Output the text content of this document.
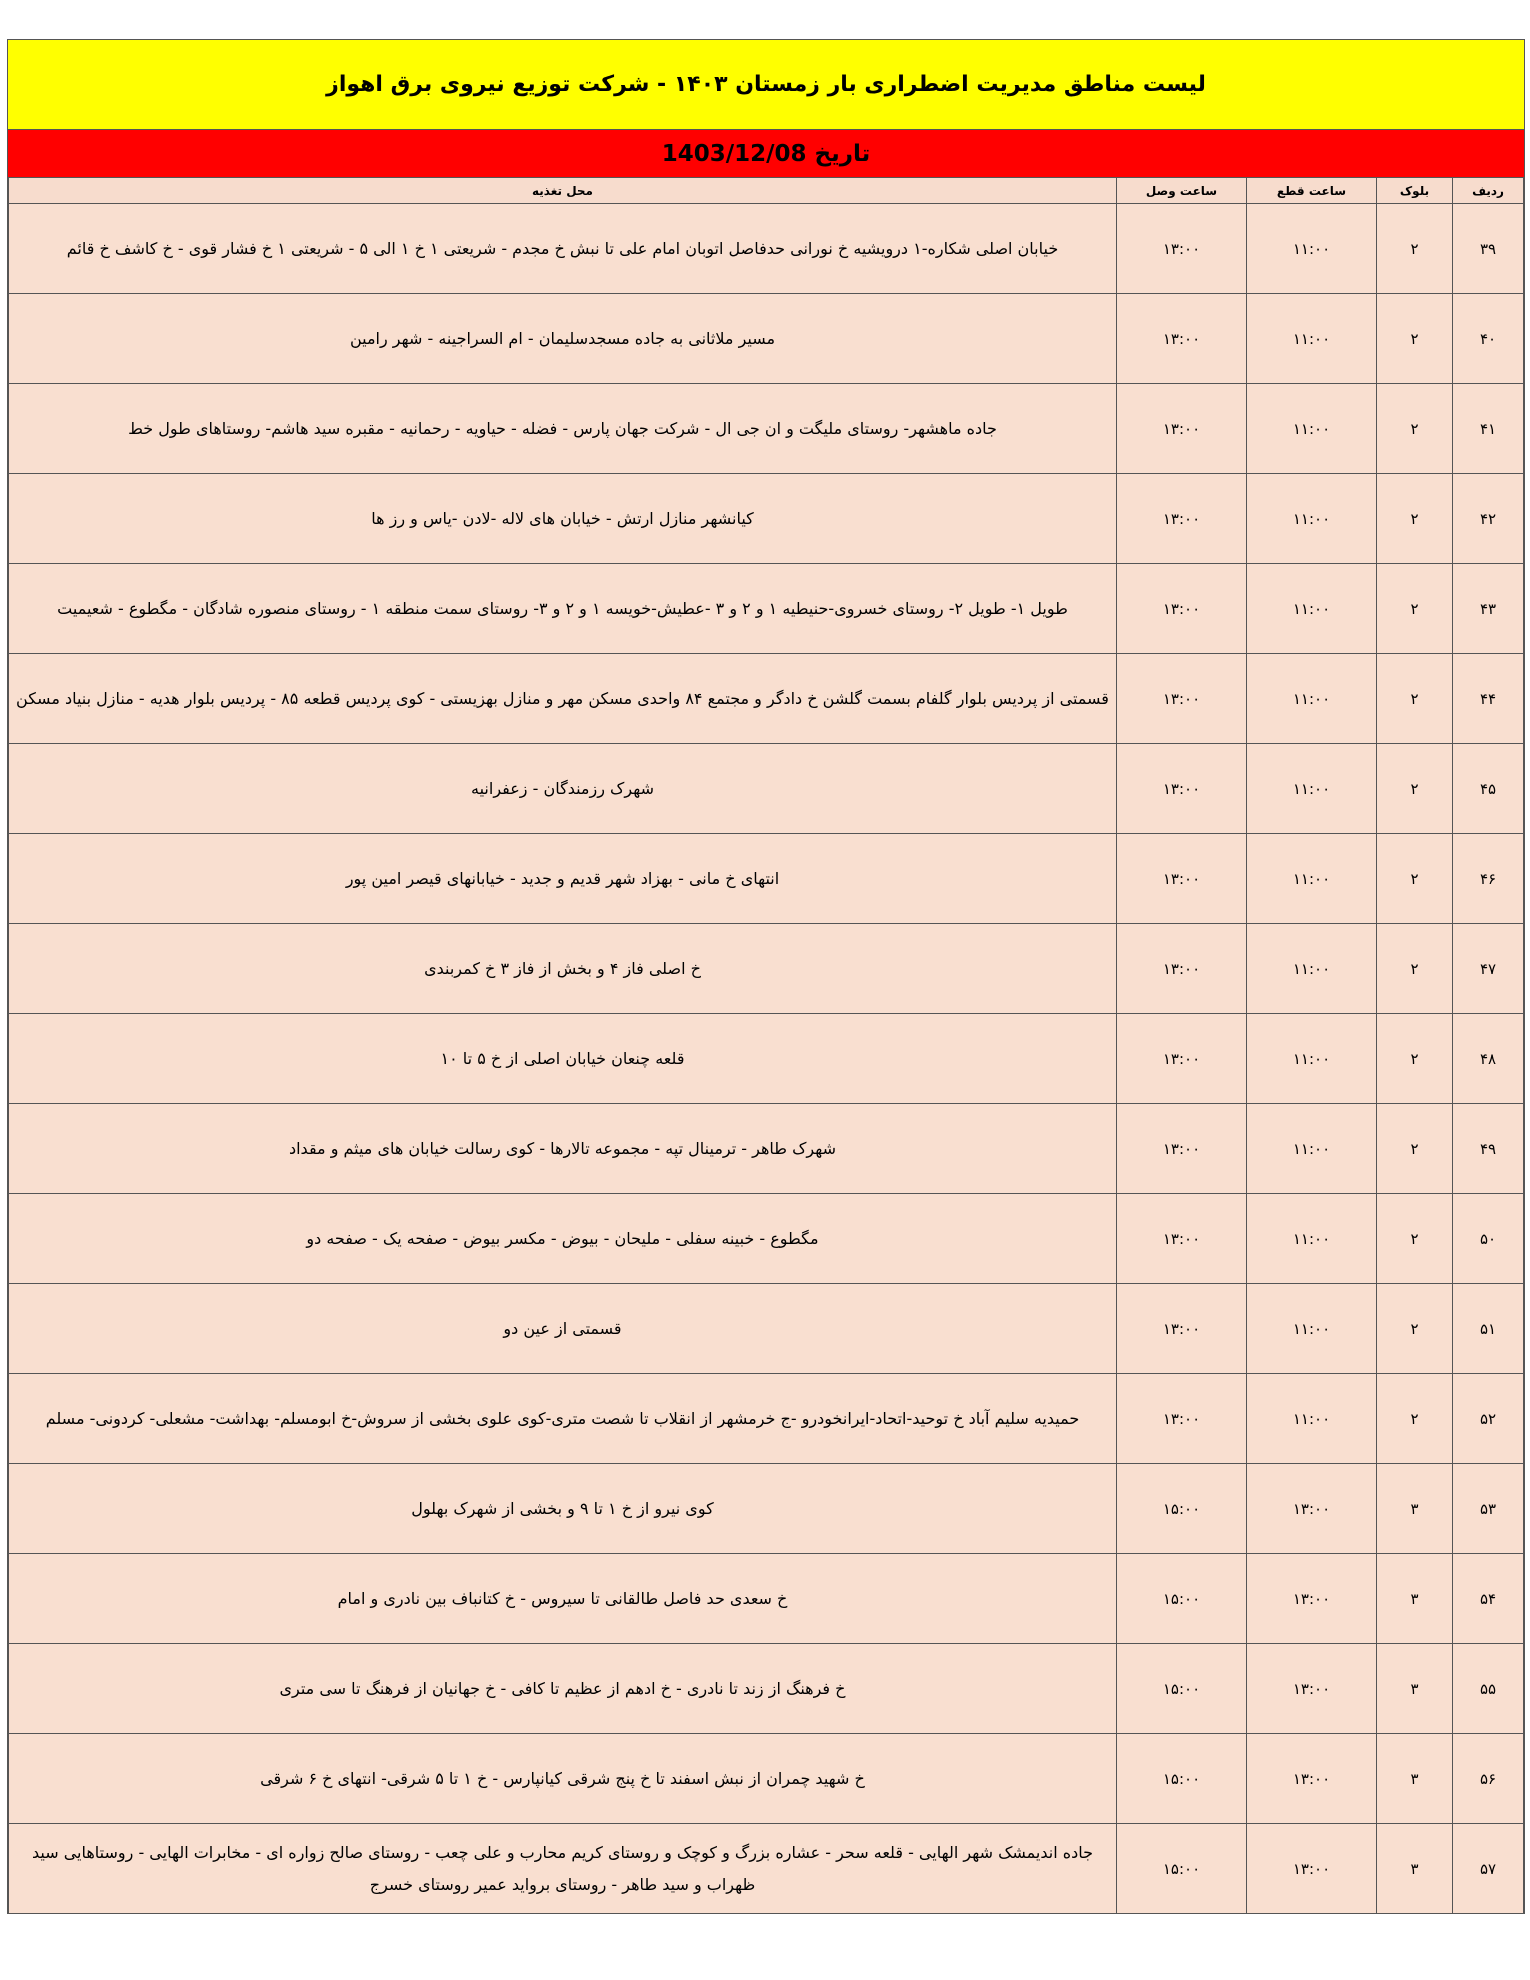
لیست مناطق مدیریت اضطراری بار زمستان ۱۴۰۳ - شرکت توزیع نیروی برق اهواز
تاریخ 1403/12/08
ردیف	بلوک	ساعت قطع	ساعت وصل	محل تغذیه
۳۹	۲	۱۱:۰۰	۱۳:۰۰	خیابان اصلی شکاره-۱ درویشیه خ نورانی حدفاصل اتوبان امام علی تا نبش خ مجدم - شریعتی ۱ خ ۱ الی ۵ - شریعتی ۱ خ فشار قوی - خ کاشف خ قائم
۴۰	۲	۱۱:۰۰	۱۳:۰۰	مسیر ملاثانی به جاده مسجدسلیمان - ام السراجینه - شهر رامین
۴۱	۲	۱۱:۰۰	۱۳:۰۰	جاده ماهشهر- روستای ملیگت و ان جی ال - شرکت جهان پارس - فضله - حیاویه - رحمانیه - مقبره سید هاشم- روستاهای طول خط
۴۲	۲	۱۱:۰۰	۱۳:۰۰	کیانشهر منازل ارتش - خیابان های لاله -لادن -یاس و رز ها
۴۳	۲	۱۱:۰۰	۱۳:۰۰	طویل ۱- طویل ۲- روستای خسروی-حنیطیه ۱ و ۲ و ۳ -عطیش-خویسه ۱ و ۲ و ۳- روستای سمت منطقه ۱ - روستای منصوره شادگان - مگطوع - شعیمیت
۴۴	۲	۱۱:۰۰	۱۳:۰۰	قسمتی از پردیس بلوار گلفام بسمت گلشن خ دادگر و مجتمع ۸۴ واحدی مسکن مهر و منازل بهزیستی - کوی پردیس قطعه ۸۵ - پردیس بلوار هدیه - منازل بنیاد مسکن
۴۵	۲	۱۱:۰۰	۱۳:۰۰	شهرک رزمندگان - زعفرانیه
۴۶	۲	۱۱:۰۰	۱۳:۰۰	انتهای خ مانی - بهزاد شهر قدیم و جدید - خیابانهای قیصر امین پور
۴۷	۲	۱۱:۰۰	۱۳:۰۰	خ اصلی فاز ۴ و بخش از فاز ۳ خ کمربندی
۴۸	۲	۱۱:۰۰	۱۳:۰۰	قلعه چنعان خیابان اصلی از خ ۵ تا ۱۰
۴۹	۲	۱۱:۰۰	۱۳:۰۰	شهرک طاهر - ترمینال تپه - مجموعه تالارها - کوی رسالت خیابان های میثم و مقداد
۵۰	۲	۱۱:۰۰	۱۳:۰۰	مگطوع - خبینه سفلی - ملیحان - بیوض - مکسر بیوض - صفحه یک - صفحه دو
۵۱	۲	۱۱:۰۰	۱۳:۰۰	قسمتی از عین دو
۵۲	۲	۱۱:۰۰	۱۳:۰۰	حمیدیه سلیم آباد خ توحید-اتحاد-ایرانخودرو -ج خرمشهر از انقلاب تا شصت متری-کوی علوی بخشی از سروش-خ ابومسلم- بهداشت- مشعلی- کردونی- مسلم
۵۳	۳	۱۳:۰۰	۱۵:۰۰	کوی نیرو از خ ۱ تا ۹ و بخشی از شهرک بهلول
۵۴	۳	۱۳:۰۰	۱۵:۰۰	خ سعدی حد فاصل طالقانی تا سیروس - خ کتانباف بین نادری و امام
۵۵	۳	۱۳:۰۰	۱۵:۰۰	خ فرهنگ از زند تا نادری - خ ادهم از عظیم تا کافی - خ جهانیان از فرهنگ تا سی متری
۵۶	۳	۱۳:۰۰	۱۵:۰۰	خ شهید چمران از نبش اسفند تا خ پنج شرقی کیانپارس - خ ۱ تا ۵ شرقی- انتهای خ ۶ شرقی
۵۷	۳	۱۳:۰۰	۱۵:۰۰	جاده اندیمشک شهر الهایی - قلعه سحر - عشاره بزرگ و کوچک و روستای کریم محارب و علی چعب - روستای صالح زواره ای - مخابرات الهایی - روستاهایی سید ظهراب و سید طاهر - روستای برواید عمیر روستای خسرج
